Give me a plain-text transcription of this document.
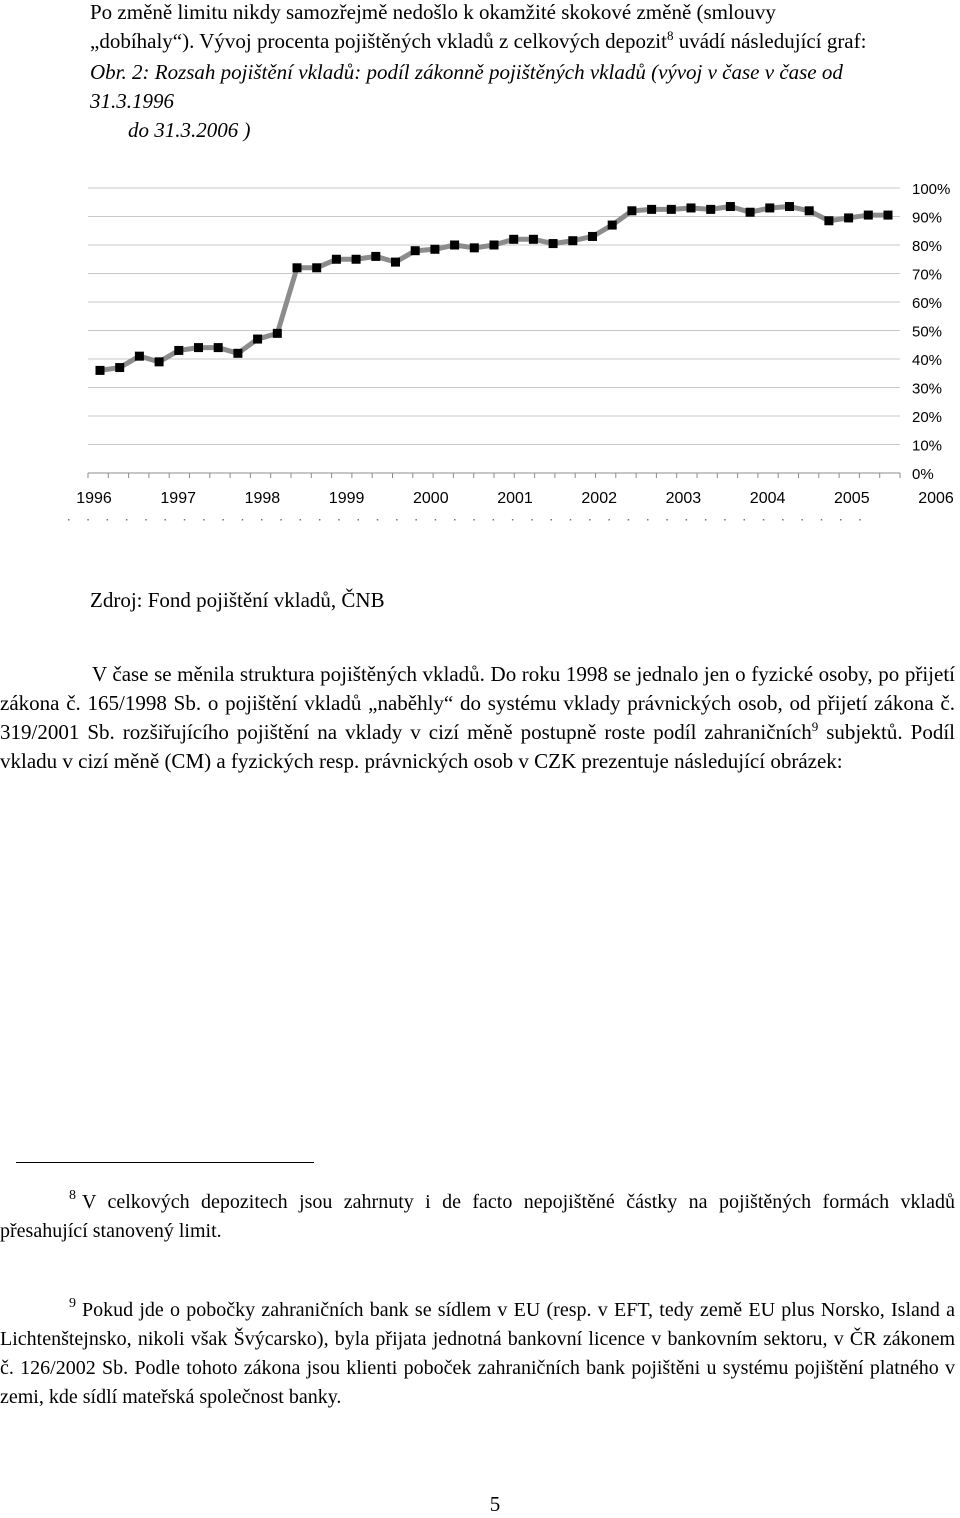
Po změně limitu nikdy samozřejmě nedošlo k okamžité skokové změně (smlouvy
„dobíhaly“). Vývoj procenta pojištěných vkladů z celkových depozit$^8$ uvádí následující graf:
Obr. 2: Rozsah pojištění vkladů: podíl zákonně pojištěných vkladů (vývoj v čase v čase od 31.3.1996
do 31.3.2006 )
0%
10%
20%
30%
40%
50%
60%
70%
80%
90%
100%
1996	1997	1998	1999	2000	2001	2002	2003	2004	2005	2006
Zdroj: Fond pojištění vkladů, ČNB
V čase se měnila struktura pojištěných vkladů. Do roku 1998 se jednalo jen o fyzické osoby, po přijetí zákona č. 165/1998 Sb. o pojištění vkladů „naběhly“ do systému vklady právnických osob, od přijetí zákona č. 319/2001 Sb. rozšiřujícího pojištění na vklady v cizí měně postupně roste podíl zahraničních$^9$ subjektů. Podíl vkladu v cizí měně (CM) a fyzických resp. právnických osob v CZK prezentuje následující obrázek:
8 V celkových depozitech jsou zahrnuty i de facto nepojištěné částky na pojištěných formách vkladů přesahující stanovený limit.
9 Pokud jde o pobočky zahraničních bank se sídlem v EU (resp. v EFT, tedy země EU plus Norsko, Island a Lichtenštejnsko, nikoli však Švýcarsko), byla přijata jednotná bankovní licence v bankovním sektoru, v ČR zákonem č. 126/2002 Sb. Podle tohoto zákona jsou klienti poboček zahraničních bank pojištěni u systému pojištění platného v zemi, kde sídlí mateřská společnost banky.
5
